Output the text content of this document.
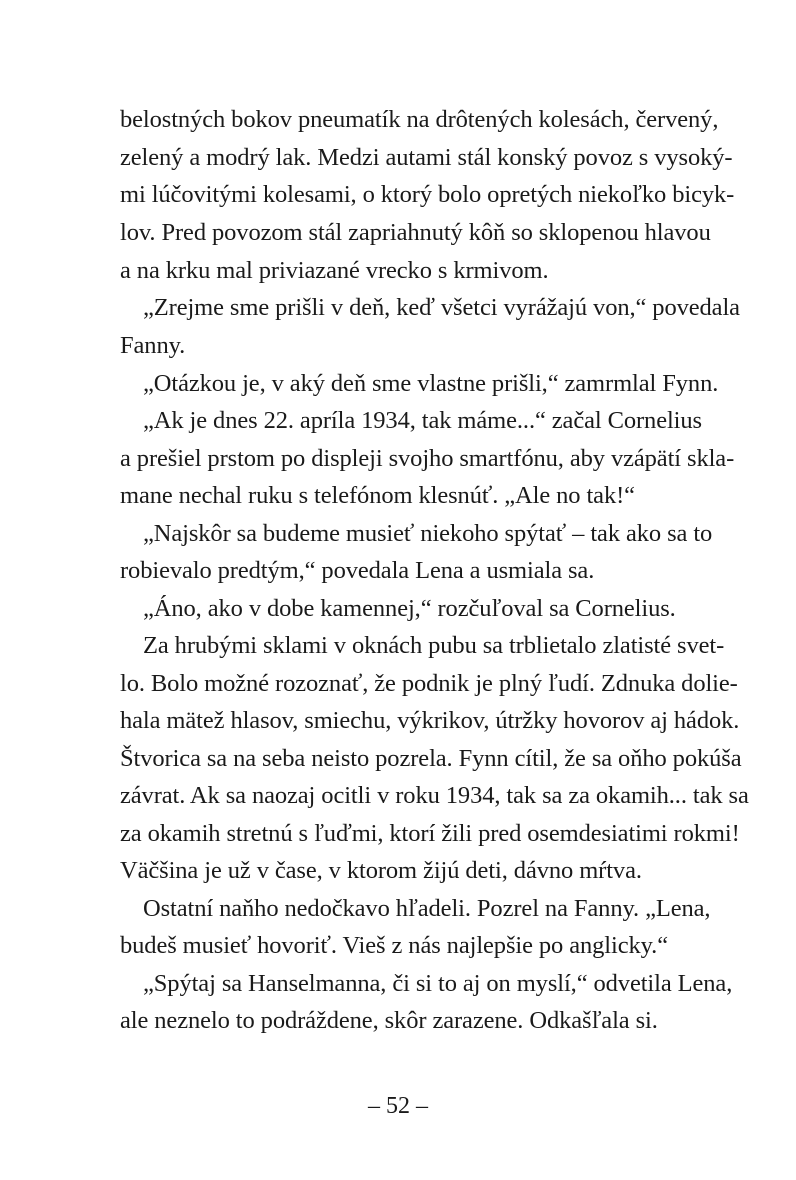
belostných bokov pneumatík na drôtených kolesách, červený,
zelený a modrý lak. Medzi autami stál konský povoz s vysoký-
mi lúčovitými kolesami, o ktorý bolo opretých niekoľko bicyk-
lov. Pred povozom stál zapriahnutý kôň so sklopenou hlavou
a na krku mal priviazané vrecko s krmivom.
„Zrejme sme prišli v deň, keď všetci vyrážajú von,“ povedala
Fanny.
„Otázkou je, v aký deň sme vlastne prišli,“ zamrmlal Fynn.
„Ak je dnes 22. apríla 1934, tak máme...“ začal Cornelius
a prešiel prstom po displeji svojho smartfónu, aby vzápätí skla-
mane nechal ruku s telefónom klesnúť. „Ale no tak!“
„Najskôr sa budeme musieť niekoho spýtať – tak ako sa to
robievalo predtým,“ povedala Lena a usmiala sa.
„Áno, ako v dobe kamennej,“ rozčuľoval sa Cornelius.
Za hrubými sklami v oknách pubu sa trblietalo zlatisté svet-
lo. Bolo možné rozoznať, že podnik je plný ľudí. Zdnuka dolie-
hala mätež hlasov, smiechu, výkrikov, útržky hovorov aj hádok.
Štvorica sa na seba neisto pozrela. Fynn cítil, že sa oňho pokúša
závrat. Ak sa naozaj ocitli v roku 1934, tak sa za okamih... tak sa
za okamih stretnú s ľuďmi, ktorí žili pred osemdesiatimi rokmi!
Väčšina je už v čase, v ktorom žijú deti, dávno mŕtva.
Ostatní naňho nedočkavo hľadeli. Pozrel na Fanny. „Lena,
budeš musieť hovoriť. Vieš z nás najlepšie po anglicky.“
„Spýtaj sa Hanselmanna, či si to aj on myslí,“ odvetila Lena,
ale neznelo to podráždene, skôr zarazene. Odkašľala si.
– 52 –
